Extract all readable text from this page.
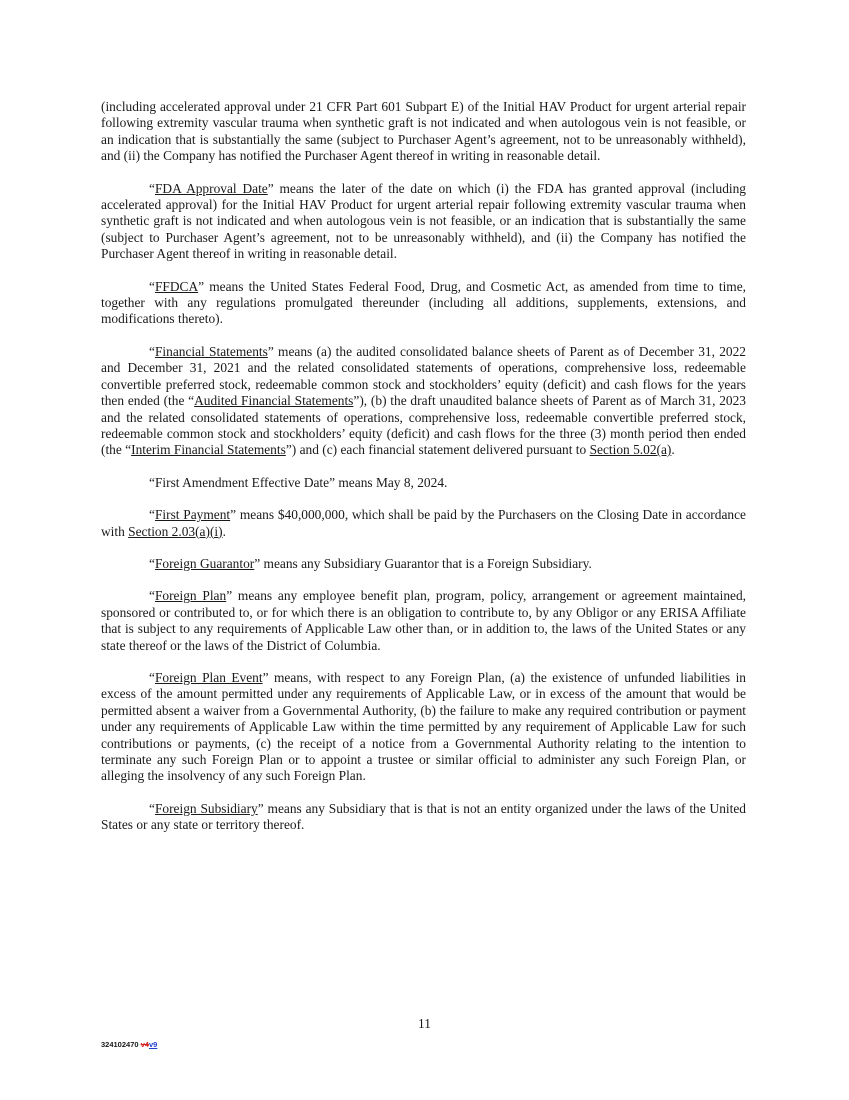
(including accelerated approval under 21 CFR Part 601 Subpart E) of the Initial HAV Product for urgent arterial repair following extremity vascular trauma when synthetic graft is not indicated and when autologous vein is not feasible, or an indication that is substantially the same (subject to Purchaser Agent’s agreement, not to be unreasonably withheld), and (ii) the Company has notified the Purchaser Agent thereof in writing in reasonable detail.

“FDA Approval Date” means the later of the date on which (i) the FDA has granted approval (including accelerated approval) for the Initial HAV Product for urgent arterial repair following extremity vascular trauma when synthetic graft is not indicated and when autologous vein is not feasible, or an indication that is substantially the same (subject to Purchaser Agent’s agreement, not to be unreasonably withheld), and (ii) the Company has notified the Purchaser Agent thereof in writing in reasonable detail.

“FFDCA” means the United States Federal Food, Drug, and Cosmetic Act, as amended from time to time, together with any regulations promulgated thereunder (including all additions, supplements, extensions, and modifications thereto).

“Financial Statements” means (a) the audited consolidated balance sheets of Parent as of December 31, 2022 and December 31, 2021 and the related consolidated statements of operations, comprehensive loss, redeemable convertible preferred stock, redeemable common stock and stockholders’ equity (deficit) and cash flows for the years then ended (the “Audited Financial Statements”), (b) the draft unaudited balance sheets of Parent as of March 31, 2023 and the related consolidated statements of operations, comprehensive loss, redeemable convertible preferred stock, redeemable common stock and stockholders’ equity (deficit) and cash flows for the three (3) month period then ended (the “Interim Financial Statements”) and (c) each financial statement delivered pursuant to Section 5.02(a).

“First Amendment Effective Date” means May 8, 2024.

“First Payment” means $40,000,000, which shall be paid by the Purchasers on the Closing Date in accordance with Section 2.03(a)(i).

“Foreign Guarantor” means any Subsidiary Guarantor that is a Foreign Subsidiary.

“Foreign Plan” means any employee benefit plan, program, policy, arrangement or agreement maintained, sponsored or contributed to, or for which there is an obligation to contribute to, by any Obligor or any ERISA Affiliate that is subject to any requirements of Applicable Law other than, or in addition to, the laws of the United States or any state thereof or the laws of the District of Columbia.

“Foreign Plan Event” means, with respect to any Foreign Plan, (a) the existence of unfunded liabilities in excess of the amount permitted under any requirements of Applicable Law, or in excess of the amount that would be permitted absent a waiver from a Governmental Authority, (b) the failure to make any required contribution or payment under any requirements of Applicable Law within the time permitted by any requirement of Applicable Law for such contributions or payments, (c) the receipt of a notice from a Governmental Authority relating to the intention to terminate any such Foreign Plan or to appoint a trustee or similar official to administer any such Foreign Plan, or alleging the insolvency of any such Foreign Plan.

“Foreign Subsidiary” means any Subsidiary that is that is not an entity organized under the laws of the United States or any state or territory thereof.

11
324102470 v4v9
